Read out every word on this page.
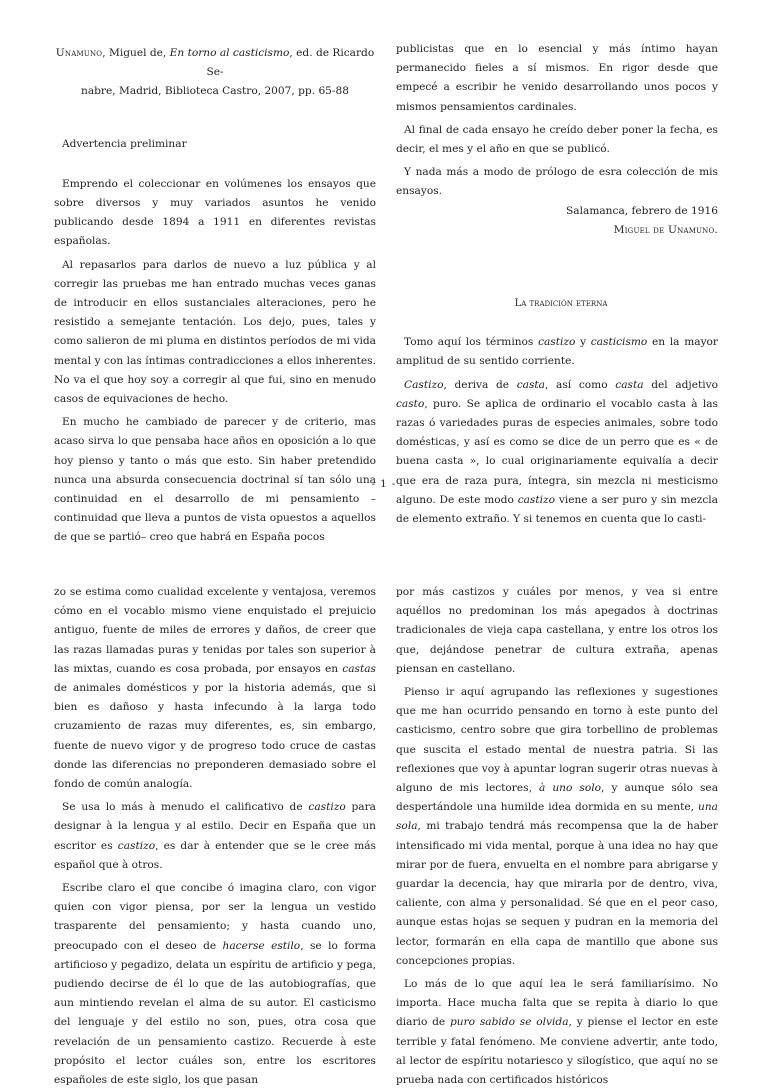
Unamuno, Miguel de, En torno al casticismo, ed. de Ricardo Se-
nabre, Madrid, Biblioteca Castro, 2007, pp. 65-88

Advertencia preliminar

Emprendo el coleccionar en volúmenes los ensayos que sobre diversos y muy variados asuntos he venido publicando desde 1894 a 1911 en diferentes revistas españolas.

Al repasarlos para darlos de nuevo a luz pública y al corregir las pruebas me han entrado muchas veces ganas de introducir en ellos sustanciales alteraciones, pero he resistido a semejante tentación. Los dejo, pues, tales y como salieron de mi pluma en distintos períodos de mi vida mental y con las íntimas contradicciones a ellos inherentes. No va el que hoy soy a corregir al que fui, sino en menudo casos de equivaciones de hecho.

En mucho he cambiado de parecer y de criterio, mas acaso sirva lo que pensaba hace años en oposición a lo que hoy pienso y tanto o más que esto. Sin haber pretendido nunca una absurda consecuencia doctrinal sí tan sólo una continuidad en el desarrollo de mi pensamiento –continuidad que lleva a puntos de vista opuestos a aquellos de que se partió– creo que habrá en España pocos

publicistas que en lo esencial y más íntimo hayan permanecido fieles a sí mismos. En rigor desde que empecé a escribir he venido desarrollando unos pocos y mismos pensamientos cardinales.

Al final de cada ensayo he creído deber poner la fecha, es decir, el mes y el año en que se publicó.

Y nada más a modo de prólogo de esra colección de mis ensayos.

Salamanca, febrero de 1916

Miguel de Unamuno.

La tradición eterna

Tomo aquí los términos castizo y casticismo en la mayor amplitud de su sentido corriente.

Castizo, deriva de casta, así como casta del adjetivo casto, puro. Se aplica de ordinario el vocablo casta à las razas ó variedades puras de especies animales, sobre todo domésticas, y así es como se dice de un perro que es « de buena casta », lo cual originariamente equivalía a decir que era de raza pura, íntegra, sin mezcla ni mesticismo alguno. De este modo castizo viene a ser puro y sin mezcla de elemento extraño. Y si tenemos en cuenta que lo casti-

- 1 -

zo se estima como cualidad excelente y ventajosa, veremos cómo en el vocablo mismo viene enquistado el prejuicio antiguo, fuente de miles de errores y daños, de creer que las razas llamadas puras y tenidas por tales son superior à las mixtas, cuando es cosa probada, por ensayos en castas de animales domésticos y por la historia además, que si bien es dañoso y hasta infecundo à la larga todo cruzamiento de razas muy diferentes, es, sin embargo, fuente de nuevo vigor y de progreso todo cruce de castas donde las diferencias no preponderen demasiado sobre el fondo de común analogía.

Se usa lo más à menudo el calificativo de castizo para designar à la lengua y al estilo. Decir en España que un escritor es castizo, es dar à entender que se le cree más español que à otros.

Escribe claro el que concibe ó imagina claro, con vigor quien con vigor piensa, por ser la lengua un vestido trasparente del pensamiento; y hasta cuando uno, preocupado con el deseo de hacerse estilo, se lo forma artificioso y pegadizo, delata un espíritu de artificio y pega, pudiendo decirse de él lo que de las autobiografías, que aun mintiendo revelan el alma de su autor. El casticismo del lenguaje y del estilo no son, pues, otra cosa que revelación de un pensamiento castizo. Recuerde à este propósito el lector cuáles son, entre los escritores españoles de este siglo, los que pasan

por más castizos y cuáles por menos, y vea si entre aquéllos no predominan los más apegados à doctrinas tradicionales de vieja capa castellana, y entre los otros los que, dejándose penetrar de cultura extraña, apenas piensan en castellano.

Pienso ir aquí agrupando las reflexiones y sugestiones que me han ocurrido pensando en torno à este punto del casticismo, centro sobre que gira torbellino de problemas que suscita el estado mental de nuestra patria. Si las reflexiones que voy à apuntar logran sugerir otras nuevas à alguno de mis lectores, à uno solo, y aunque sólo sea despertándole una humilde idea dormida en su mente, una sola, mi trabajo tendrá más recompensa que la de haber intensificado mi vida mental, porque à una idea no hay que mirar por de fuera, envuelta en el nombre para abrigarse y guardar la decencia, hay que mirarla por de dentro, viva, caliente, con alma y personalidad. Sé que en el peor caso, aunque estas hojas se sequen y pudran en la memoria del lector, formarán en ella capa de mantillo que abone sus concepciones propias.

Lo más de lo que aquí lea le será familiarísimo. No importa. Hace mucha falta que se repita à diario lo que diario de puro sabido se olvida, y piense el lector en este terrible y fatal fenómeno. Me conviene advertir, ante todo, al lector de espíritu notariesco y silogístico, que aquí no se prueba nada con certificados históricos
